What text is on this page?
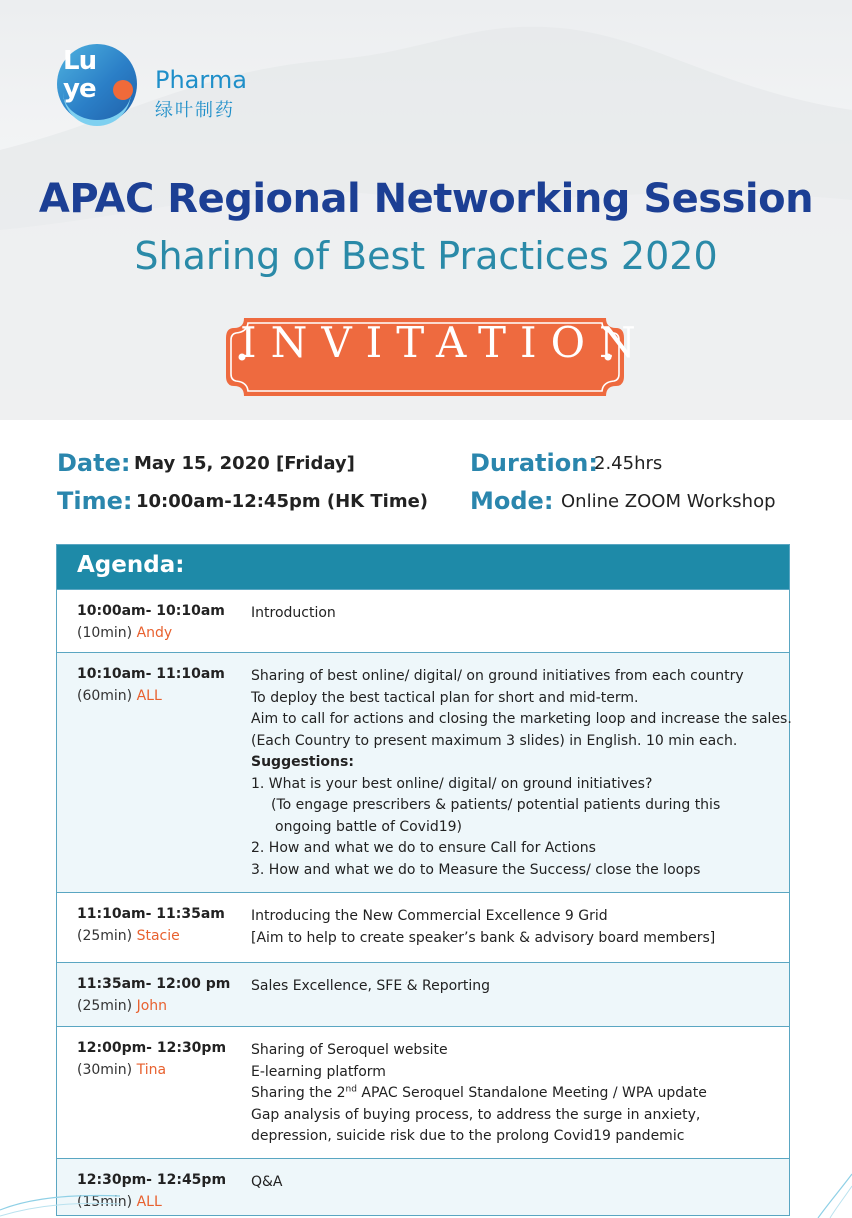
Lu
ye Pharma
绿叶制药
APAC Regional Networking Session
Sharing of Best Practices 2020
INVITATION
Date: May 15, 2020 [Friday]
Time: 10:00am-12:45pm (HK Time)
Duration:
2.45hrs
Mode: Online ZOOM Workshop
Agenda:
10:00am- 10:10am
(10min) Andy
Introduction
10:10am- 11:10am
(60min) ALL
Sharing of best online/ digital/ on ground initiatives from each country
To deploy the best tactical plan for short and mid-term.
Aim to call for actions and closing the marketing loop and increase the sales.
(Each Country to present maximum 3 slides) in English. 10 min each.
Suggestions:
1. What is your best online/ digital/ on ground initiatives?
(To engage prescribers & patients/ potential patients during this
ongoing battle of Covid19)
2. How and what we do to ensure Call for Actions
3. How and what we do to Measure the Success/ close the loops
11:10am- 11:35am
(25min) Stacie
Introducing the New Commercial Excellence 9 Grid
[Aim to help to create speaker’s bank & advisory board members]
11:35am- 12:00 pm
(25min) John
Sales Excellence, SFE & Reporting
12:00pm- 12:30pm
(30min) Tina
Sharing of Seroquel website
E-learning platform
Sharing the 2nd APAC Seroquel Standalone Meeting / WPA update
Gap analysis of buying process, to address the surge in anxiety,
depression, suicide risk due to the prolong Covid19 pandemic
12:30pm- 12:45pm
(15min) ALL
Q&A
